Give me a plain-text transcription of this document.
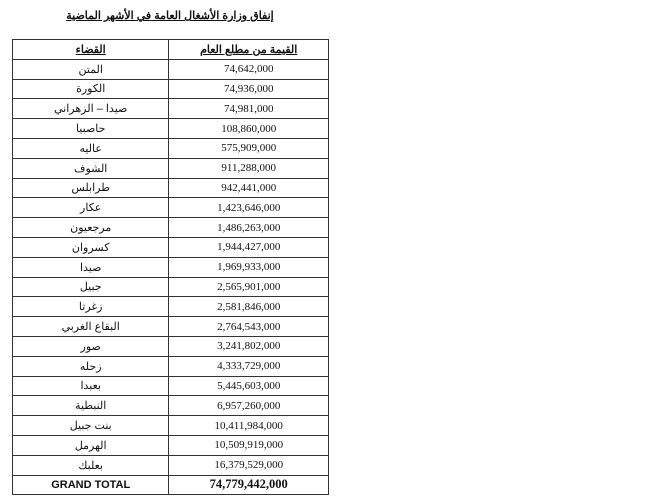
إنفاق وزارة الأشغال العامة في الأشهر الماضية
القضاء	القيمة من مطلع العام
المتن	74,642,000
الكورة	74,936,000
صيدا – الزهراني	74,981,000
حاصبيا	108,860,000
عاليه	575,909,000
الشوف	911,288,000
طرابلس	942,441,000
عكار	1,423,646,000
مرجعيون	1,486,263,000
كسروان	1,944,427,000
صيدا	1,969,933,000
جبيل	2,565,901,000
زغرتا	2,581,846,000
البقاع الغربي	2,764,543,000
صور	3,241,802,000
زحله	4,333,729,000
بعبدا	5,445,603,000
النبطية	6,957,260,000
بنت جبيل	10,411,984,000
الهرمل	10,509,919,000
بعلبك	16,379,529,000
GRAND TOTAL	74,779,442,000
